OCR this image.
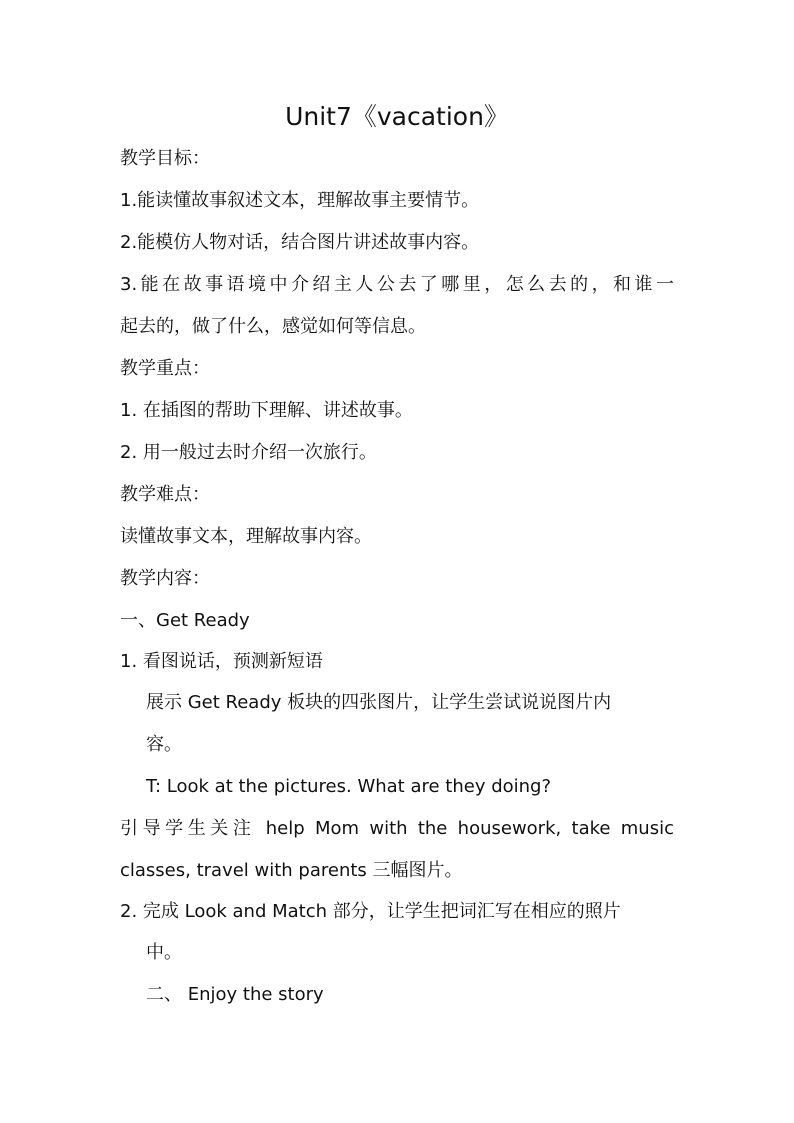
Unit7《vacation》
教学目标：
1.能读懂故事叙述文本，理解故事主要情节。
2.能模仿人物对话，结合图片讲述故事内容。
3.能在故事语境中介绍主人公去了哪里，怎么去的，和谁一
起去的，做了什么，感觉如何等信息。
教学重点：
1. 在插图的帮助下理解、讲述故事。
2. 用一般过去时介绍一次旅行。
教学难点：
读懂故事文本，理解故事内容。
教学内容：
一、Get Ready
1. 看图说话，预测新短语
展示 Get Ready 板块的四张图片，让学生尝试说说图片内
容。
T: Look at the pictures. What are they doing?
引导学生关注 help Mom with the housework, take music
classes, travel with parents 三幅图片。
2. 完成 Look and Match 部分，让学生把词汇写在相应的照片
中。
二、 Enjoy the story
